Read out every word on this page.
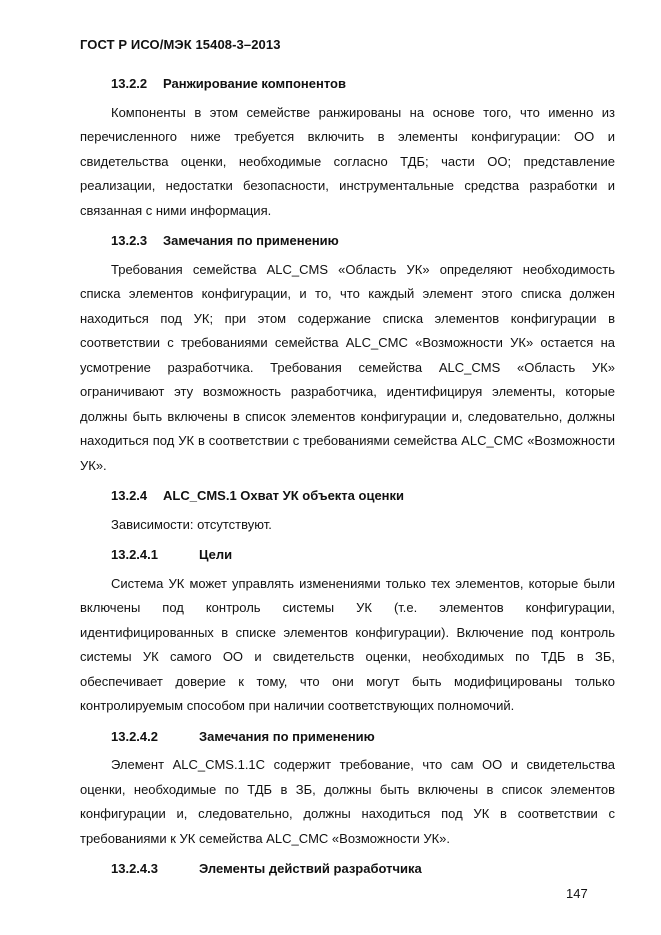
ГОСТ Р ИСО/МЭК 15408-3–2013
13.2.2 Ранжирование компонентов

Компоненты в этом семействе ранжированы на основе того, что именно из перечисленного ниже требуется включить в элементы конфигурации: ОО и свидетельства оценки, необходимые согласно ТДБ; части ОО; представление реализации, недостатки безопасности, инструментальные средства разработки и связанная с ними информация.

13.2.3 Замечания по применению

Требования семейства ALC_CMS «Область УК» определяют необходимость списка элементов конфигурации, и то, что каждый элемент этого списка должен находиться под УК; при этом содержание списка элементов конфигурации в соответствии с требованиями семейства ALC_CMC «Возможности УК» остается на усмотрение разработчика. Требования семейства ALC_CMS «Область УК» ограничивают эту возможность разработчика, идентифицируя элементы, которые должны быть включены в список элементов конфигурации и, следовательно, должны находиться под УК в соответствии с требованиями семейства ALC_CMC «Возможности УК».

13.2.4 ALC_CMS.1 Охват УК объекта оценки

Зависимости: отсутствуют.

13.2.4.1	Цели

Система УК может управлять изменениями только тех элементов, которые были включены под контроль системы УК (т.е. элементов конфигурации, идентифицированных в списке элементов конфигурации). Включение под контроль системы УК самого ОО и свидетельств оценки, необходимых по ТДБ в ЗБ, обеспечивает доверие к тому, что они могут быть модифицированы только контролируемым способом при наличии соответствующих полномочий.

13.2.4.2	Замечания по применению

Элемент ALC_CMS.1.1С содержит требование, что сам ОО и свидетельства оценки, необходимые по ТДБ в ЗБ, должны быть включены в список элементов конфигурации и, следовательно, должны находиться под УК в соответствии с требованиями к УК семейства ALC_CMC «Возможности УК».

13.2.4.3	Элементы действий разработчика
147
